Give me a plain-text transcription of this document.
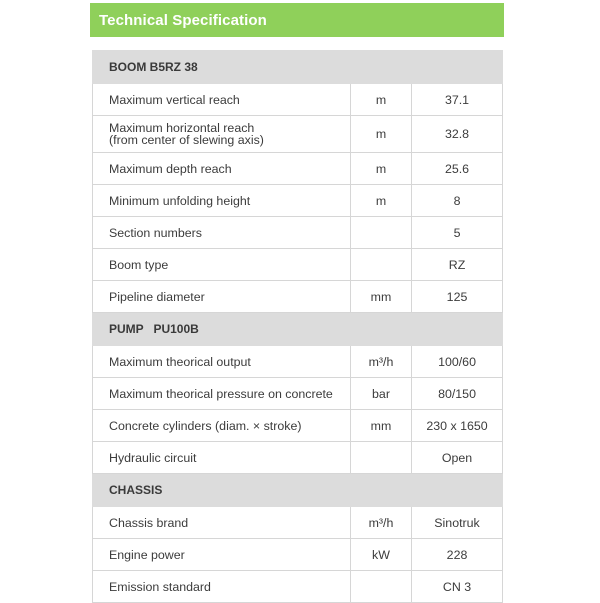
Technical Specification
BOOM B5RZ 38		
Maximum vertical reach	m	37.1

Maximum horizontal reach
(from center of slewing axis)	m	32.8
Maximum depth reach	m	25.6
Minimum unfolding height	m	8
Section numbers		5
Boom type		RZ
Pipeline diameter	mm	125
PUMP   PU100B		
Maximum theorical output	m³/h	100/60
Maximum theorical pressure on concrete	bar	80/150
Concrete cylinders (diam. × stroke)	mm	230 x 1650
Hydraulic circuit		Open
CHASSIS		
Chassis brand	m³/h	Sinotruk
Engine power	kW	228
Emission standard		CN 3
